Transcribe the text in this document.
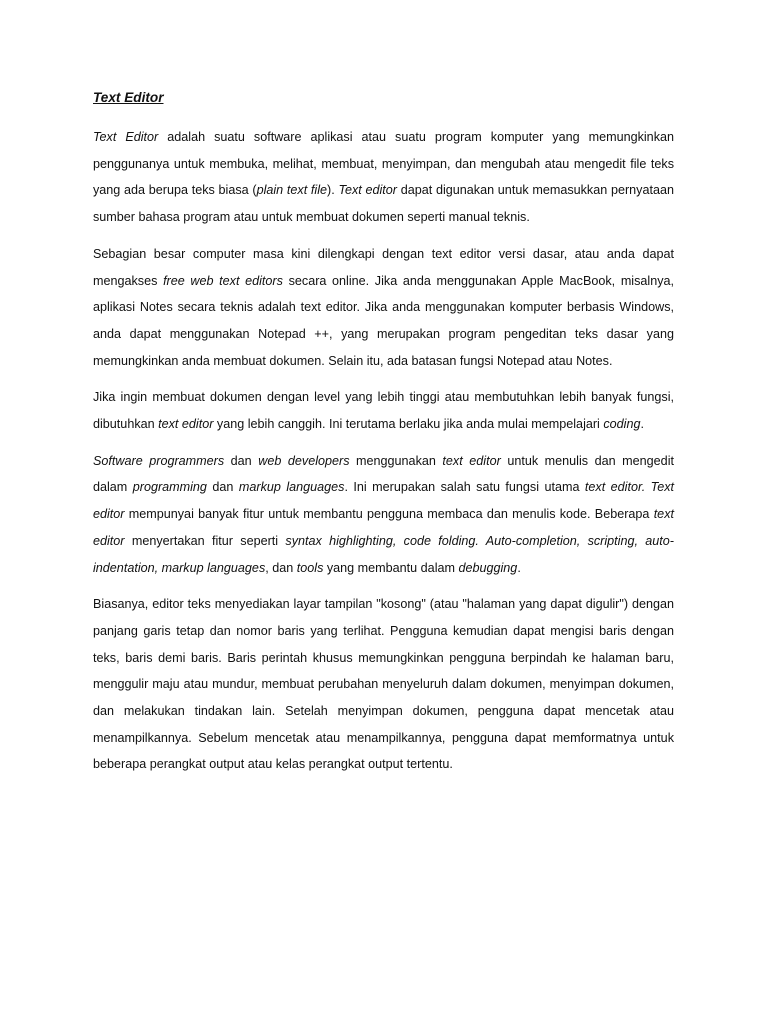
Text Editor

Text Editor adalah suatu software aplikasi atau suatu program komputer yang memungkinkan penggunanya untuk membuka, melihat, membuat, menyimpan, dan mengubah atau mengedit file teks yang ada berupa teks biasa (plain text file). Text editor dapat digunakan untuk memasukkan pernyataan sumber bahasa program atau untuk membuat dokumen seperti manual teknis.

Sebagian besar computer masa kini dilengkapi dengan text editor versi dasar, atau anda dapat mengakses free web text editors secara online. Jika anda menggunakan Apple MacBook, misalnya, aplikasi Notes secara teknis adalah text editor. Jika anda menggunakan komputer berbasis Windows, anda dapat menggunakan Notepad ++, yang merupakan program pengeditan teks dasar yang memungkinkan anda membuat dokumen. Selain itu, ada batasan fungsi Notepad atau Notes.

Jika ingin membuat dokumen dengan level yang lebih tinggi atau membutuhkan lebih banyak fungsi, dibutuhkan text editor yang lebih canggih. Ini terutama berlaku jika anda mulai mempelajari coding.

Software programmers dan web developers menggunakan text editor untuk menulis dan mengedit dalam programming dan markup languages. Ini merupakan salah satu fungsi utama text editor. Text editor mempunyai banyak fitur untuk membantu pengguna membaca dan menulis kode. Beberapa text editor menyertakan fitur seperti syntax highlighting, code folding. Auto-completion, scripting, auto-indentation, markup languages, dan tools yang membantu dalam debugging.

Biasanya, editor teks menyediakan layar tampilan "kosong" (atau "halaman yang dapat digulir") dengan panjang garis tetap dan nomor baris yang terlihat. Pengguna kemudian dapat mengisi baris dengan teks, baris demi baris. Baris perintah khusus memungkinkan pengguna berpindah ke halaman baru, menggulir maju atau mundur, membuat perubahan menyeluruh dalam dokumen, menyimpan dokumen, dan melakukan tindakan lain. Setelah menyimpan dokumen, pengguna dapat mencetak atau menampilkannya. Sebelum mencetak atau menampilkannya, pengguna dapat memformatnya untuk beberapa perangkat output atau kelas perangkat output tertentu.
